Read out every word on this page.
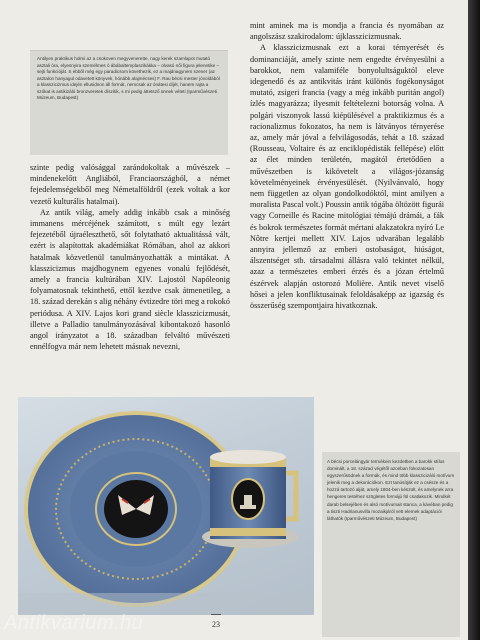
Antilyen praktikus holmi az a csokoven megyvenerette, nagy kerek szamlapot mutató asztali óra, elyesnyira személmes ó ábábaltemplaszikákka – olvasó női figura jelenetike – sejti funkcióját. S ebből még egy paradicsom követhezik, ez a majdnagynem szener (az asztalon hanyagul odavetett könyvek, hónább alajmécses) F. Rau bécsi mester jóvoldából a klasszicizmus idején ellusidnon áll formát, nemcsak az ónátesi díjét, hanem rajta a szókat is antikizáló bronzveretek díszítik, s mi pedig áttetsző ünnek véteti (Iparművészeti Múzeum, Budapest)

szinte pedig valósággal zarándokoltak a művészek – mindenekelőtt Angliából, Franciaországból, a német fejedelemségekből meg Németalföldről (ezek voltak a kor vezető kulturális hatalmai).

Az antik világ, amely addig inkább csak a minőség immanens mércéjének számított, s múlt egy lezárt fejezetéből újraéleszthető, sőt folytatható aktualitássá vált, ezért is alapítottak akadémiákat Rómában, ahol az akkori hatalmak közvetlenül tanulmányozhatták a mintákat. A klasszicizmus majdhogynem egyenes vonalú fejlődését, amely a francia kultúrában XIV. Lajostól Napóleonig folyamatosnak tekinthető, ettől kezdve csak átmenetileg, a 18. század derekán s alig néhány évtizedre töri meg a rokokó periódusa. A XIV. Lajos kori grand siècle klasszicizmusát, illetve a Palladio tanulmányozásával kibontakozó hasonló angol irányzatot a 18. században felváltó művészeti ennélfogva már nem lehetett másnak nevezni,

mint aminek ma is mondja a francia és nyomában az angolszász szakirodalom: újklasszicizmusnak.

A klasszicizmusnak ezt a korai térnyerését és dominanciáját, amely szinte nem engedte érvényesülni a barokkot, nem valamiféle bonyolultságuktól eleve idegenedő és az antikvitás iránt különös fogékonyságot mutató, zsigeri francia (vagy a még inkább puritán angol) ízlés magyarázza; ilyesmit feltételezni botorság volna. A polgári viszonyok lassú kiépülésével a praktikizmus és a racionalizmus fokozatos, ha nem is látványos térnyerése az, amely már jóval a felvilágosodás, tehát a 18. század (Rousseau, Voltaire és az enciklopédisták fellépése) előtt az élet minden területén, magától értetődően a művészetben is kikövetelt a világos-józanság követelményeinek érvényesülését. (Nyilvánvaló, hogy nem független az olyan gondolkodóktól, mint amilyen a moralista Pascal volt.) Poussin antik tógába öltözött figurái vagy Corneille és Racine mitológiai témájú drámái, a fák és bokrok természetes formát mértani alakzatokra nyíró Le Nôtre kertjei mellett XIV. Lajos udvarában legalább annyira jellemző az emberi ostobaságot, hiúságot, álszentséget stb. társadalmi állásra való tekintet nélkül, azaz a természetes emberi érzés és a józan értelmű észérvek alapján ostorozó Molière. Antik nevet viselő hősei a jelen konfliktusainak feloldásaképp az igazság és összerűség szempontjaira hivatkoznak.

A bécsi porcelángyár termékein kezdetben a barokk stílus dominált, a 18. század végétől azonban fokozatosan egyszerűsödnek a formák, és mind több klasszicizáló motívum jelenik meg a dekorációkon. Ezt tanúsítják ez a csésze és a hozzá tartozó alját, amely 1804-ben készült, és amelynek arra hengeres testéhez szögletes formájú fül csatlakozik. Mindkét darab belsejében és alsó motívumait stanca, a kávéban pedig a tiszti Hadrianusvilla mozaikjáról vett elemek adaptációi láthatók (Iparművészeti Múzeum, Budapest)

23
Antikvarium.hu
